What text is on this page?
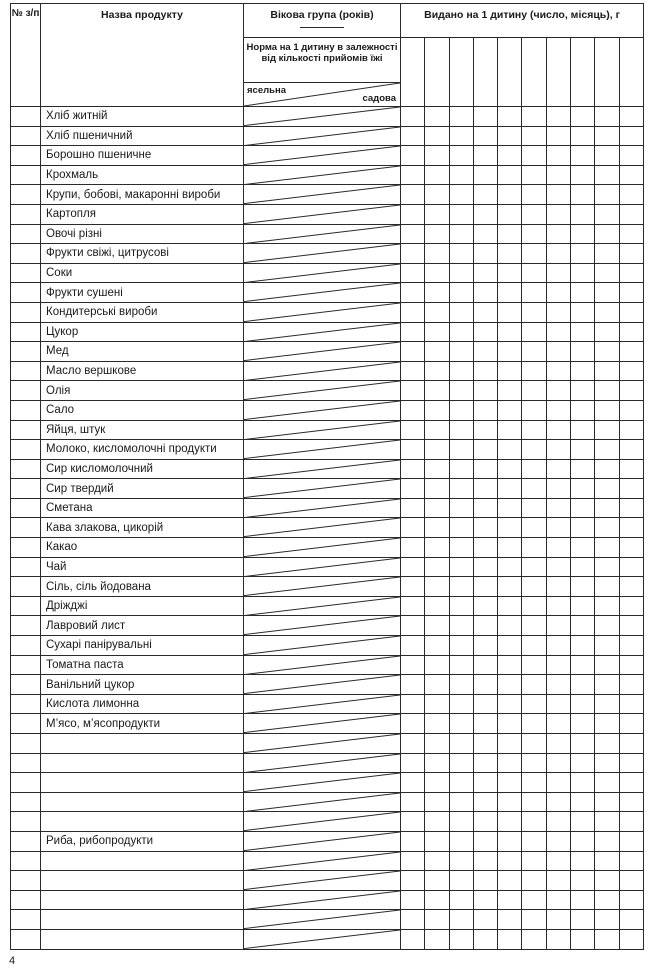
№ з/п	Назва продукту	Вікова група (років)	Видано на 1 дитину (число, місяць), г									
		Норма на 1 дитину в залежності від кількості прийомів їжі										

		ясельна
садова										

	Хліб житній	

	Хліб пшеничний	

	Борошно пшеничне	

	Крохмаль	

	Крупи, бобові, макаронні вироби	

	Картопля	

	Овочі різні	

	Фрукти свіжі, цитрусові	

	Соки	

	Фрукти сушені	

	Кондитерські вироби	

	Цукор	

	Мед	

	Масло вершкове	

	Олія	

	Сало	

	Яйця, штук	

	Молоко, кисломолочні продукти	

	Сир кисломолочний	

	Сир твердий	

	Сметана	

	Кава злакова, цикорій	

	Какао	

	Чай	

	Сіль, сіль йодована	

	Дріжджі	

	Лавровий лист	

	Сухарі панірувальні	

	Томатна паста	

	Ванільний цукор	

	Кислота лимонна	

	М’ясо, м’ясопродукти	

	Риба, рибопродукти	

4
